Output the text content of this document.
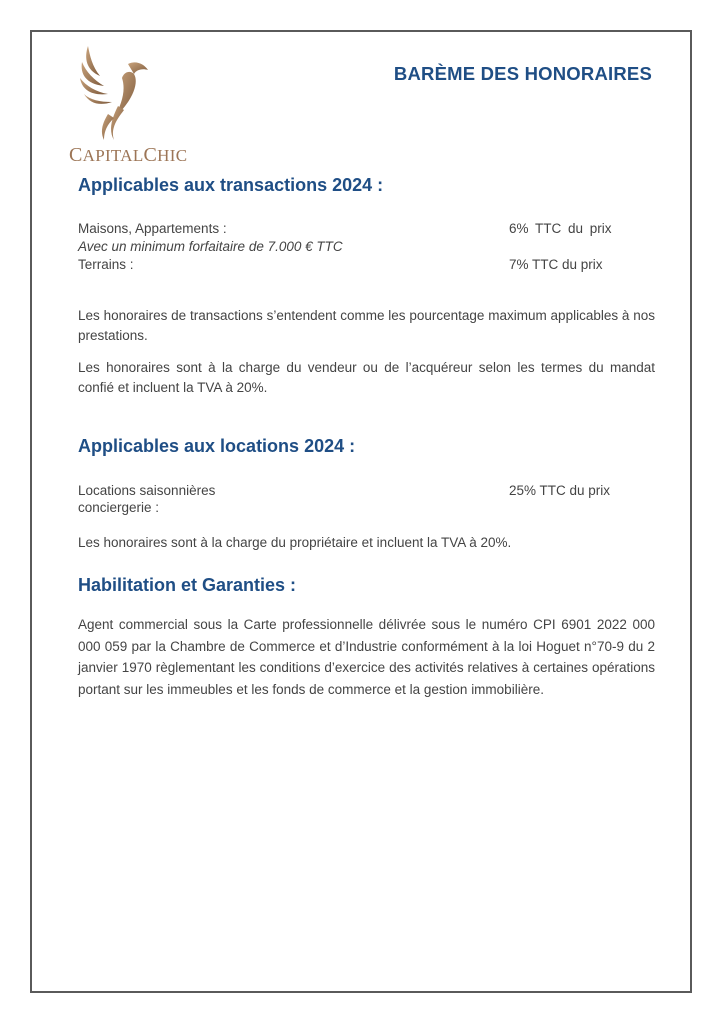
CAPITALCHIC
BARÈME DES HONORAIRES
Applicables aux transactions 2024 :
Maisons, Appartements :	6% TTC du prix
Avec un minimum forfaitaire de 7.000 € TTC
Terrains :	7% TTC du prix
Les honoraires de transactions s’entendent comme les pourcentage maximum applicables à nos prestations.
Les honoraires sont à la charge du vendeur ou de l’acquéreur selon les termes du mandat confié et incluent la TVA à 20%.
Applicables aux locations 2024 :
Locations saisonnières	25% TTC du prix
conciergerie :
Les honoraires sont à la charge du propriétaire et incluent la TVA à 20%.
Habilitation et Garanties :
Agent commercial sous la Carte professionnelle délivrée sous le numéro CPI 6901 2022 000 000 059 par la Chambre de Commerce et d’Industrie conformément à la loi Hoguet n°70-9 du 2 janvier 1970 règlementant les conditions d’exercice des activités relatives à certaines opérations portant sur les immeubles et les fonds de commerce et la gestion immobilière.
